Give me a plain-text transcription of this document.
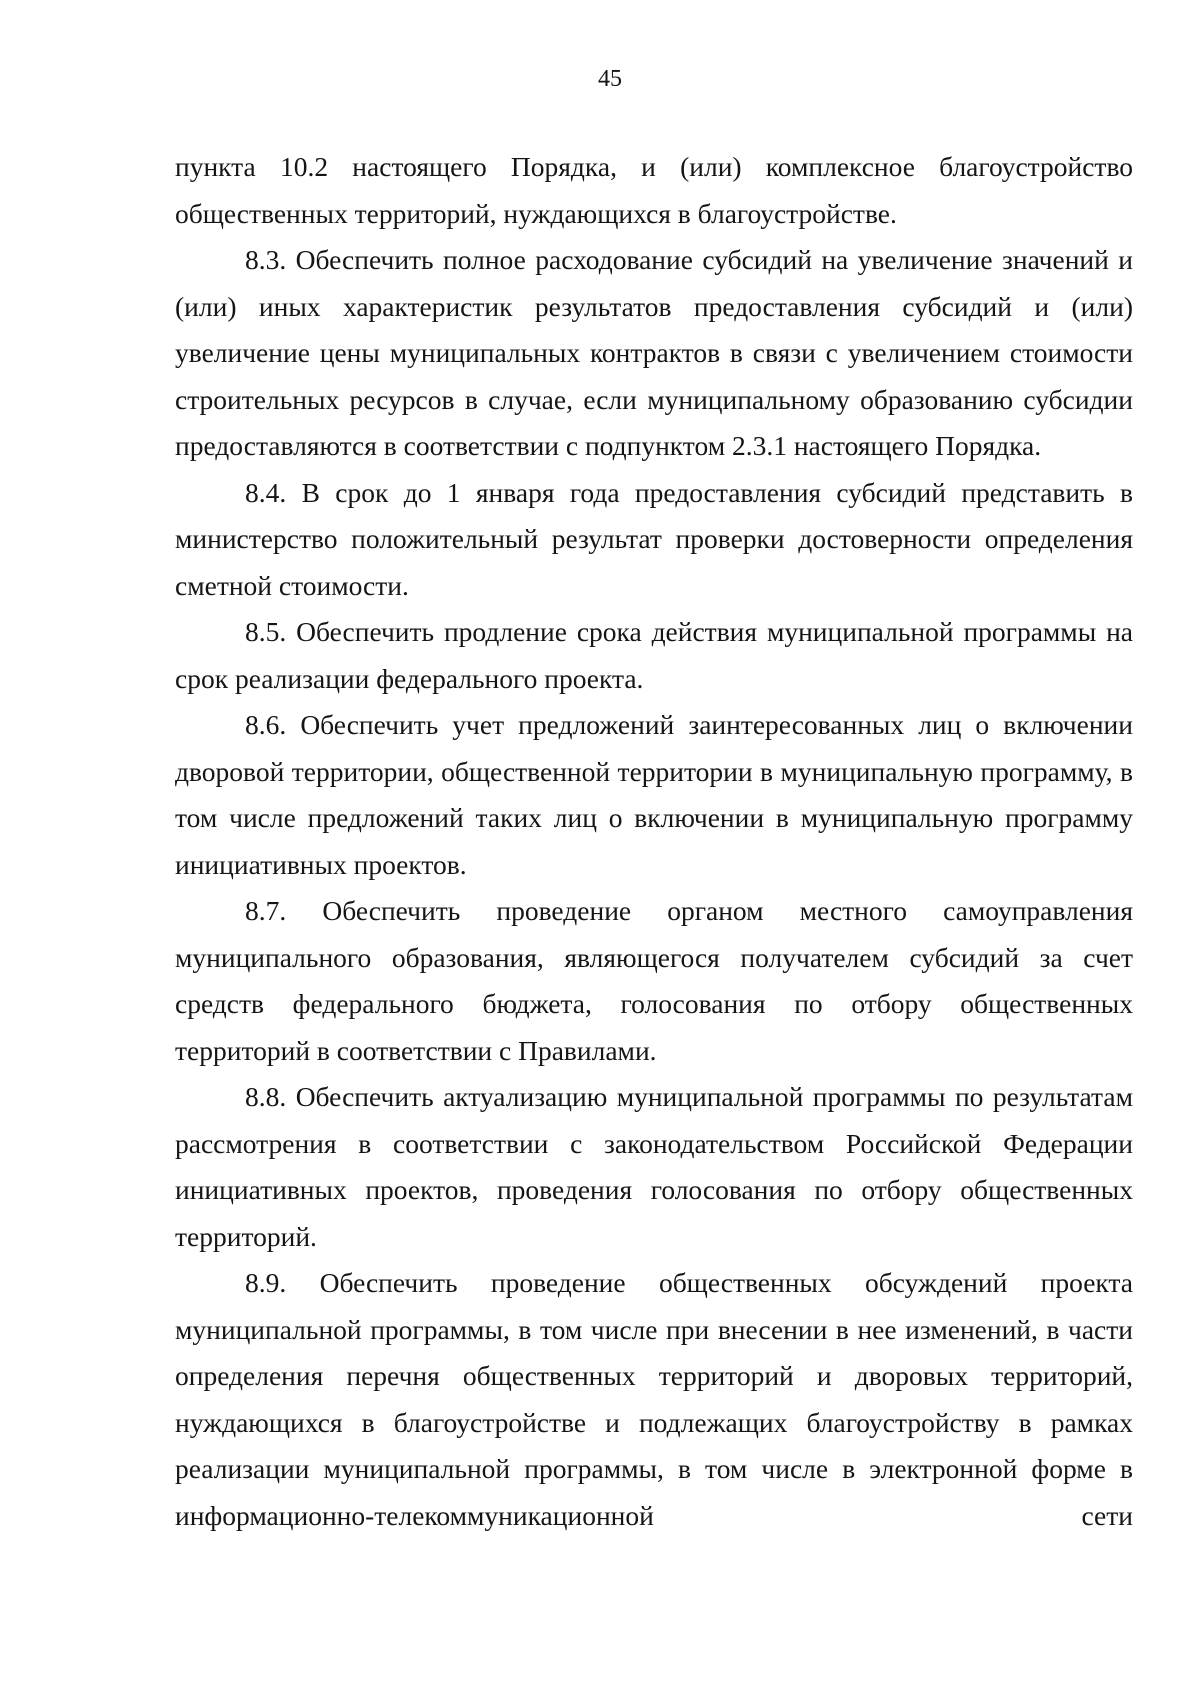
45

пункта 10.2 настоящего Порядка, и (или) комплексное благоустройство общественных территорий, нуждающихся в благоустройстве.

8.3. Обеспечить полное расходование субсидий на увеличение значений и (или) иных характеристик результатов предоставления субсидий и (или) увеличение цены муниципальных контрактов в связи с увеличением стоимости строительных ресурсов в случае, если муниципальному образованию субсидии предоставляются в соответствии с подпунктом 2.3.1 настоящего Порядка.

8.4. В срок до 1 января года предоставления субсидий представить в министерство положительный результат проверки достоверности определения сметной стоимости.

8.5. Обеспечить продление срока действия муниципальной программы на срок реализации федерального проекта.

8.6. Обеспечить учет предложений заинтересованных лиц о включении дворовой территории, общественной территории в муниципальную программу, в том числе предложений таких лиц о включении в муниципальную программу инициативных проектов.

8.7. Обеспечить проведение органом местного самоуправления муниципального образования, являющегося получателем субсидий за счет средств федерального бюджета, голосования по отбору общественных территорий в соответствии с Правилами.

8.8. Обеспечить актуализацию муниципальной программы по результатам рассмотрения в соответствии с законодательством Российской Федерации инициативных проектов, проведения голосования по отбору общественных территорий.

8.9. Обеспечить проведение общественных обсуждений проекта муниципальной программы, в том числе при внесении в нее изменений, в части определения перечня общественных территорий и дворовых территорий, нуждающихся в благоустройстве и подлежащих благоустройству в рамках реализации муниципальной программы, в том числе в электронной форме в информационно-телекоммуникационной сети
